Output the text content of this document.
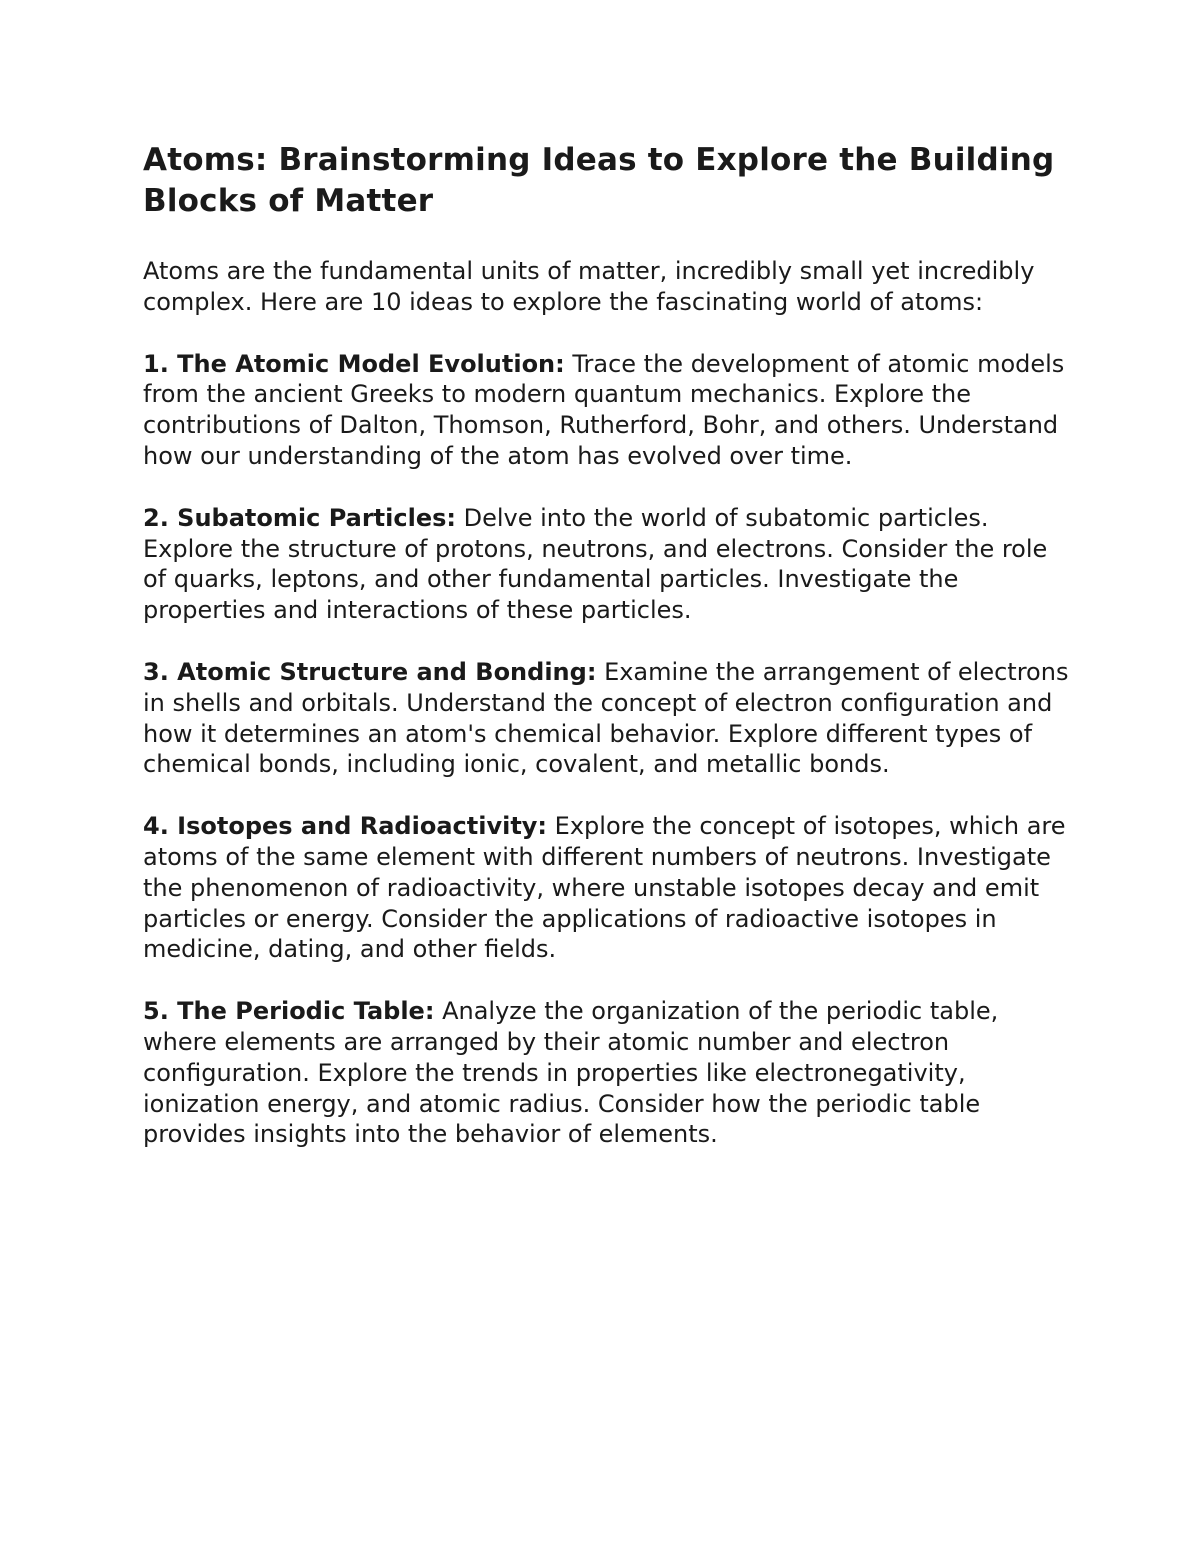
Atoms: Brainstorming Ideas to Explore the Building Blocks of Matter

Atoms are the fundamental units of matter, incredibly small yet incredibly complex. Here are 10 ideas to explore the fascinating world of atoms:

1. The Atomic Model Evolution: Trace the development of atomic models from the ancient Greeks to modern quantum mechanics. Explore the contributions of Dalton, Thomson, Rutherford, Bohr, and others. Understand how our understanding of the atom has evolved over time.

2. Subatomic Particles: Delve into the world of subatomic particles. Explore the structure of protons, neutrons, and electrons. Consider the role of quarks, leptons, and other fundamental particles. Investigate the properties and interactions of these particles.

3. Atomic Structure and Bonding: Examine the arrangement of electrons in shells and orbitals. Understand the concept of electron configuration and how it determines an atom's chemical behavior. Explore different types of chemical bonds, including ionic, covalent, and metallic bonds.

4. Isotopes and Radioactivity: Explore the concept of isotopes, which are atoms of the same element with different numbers of neutrons. Investigate the phenomenon of radioactivity, where unstable isotopes decay and emit particles or energy. Consider the applications of radioactive isotopes in medicine, dating, and other fields.

5. The Periodic Table: Analyze the organization of the periodic table, where elements are arranged by their atomic number and electron configuration. Explore the trends in properties like electronegativity, ionization energy, and atomic radius. Consider how the periodic table provides insights into the behavior of elements.
